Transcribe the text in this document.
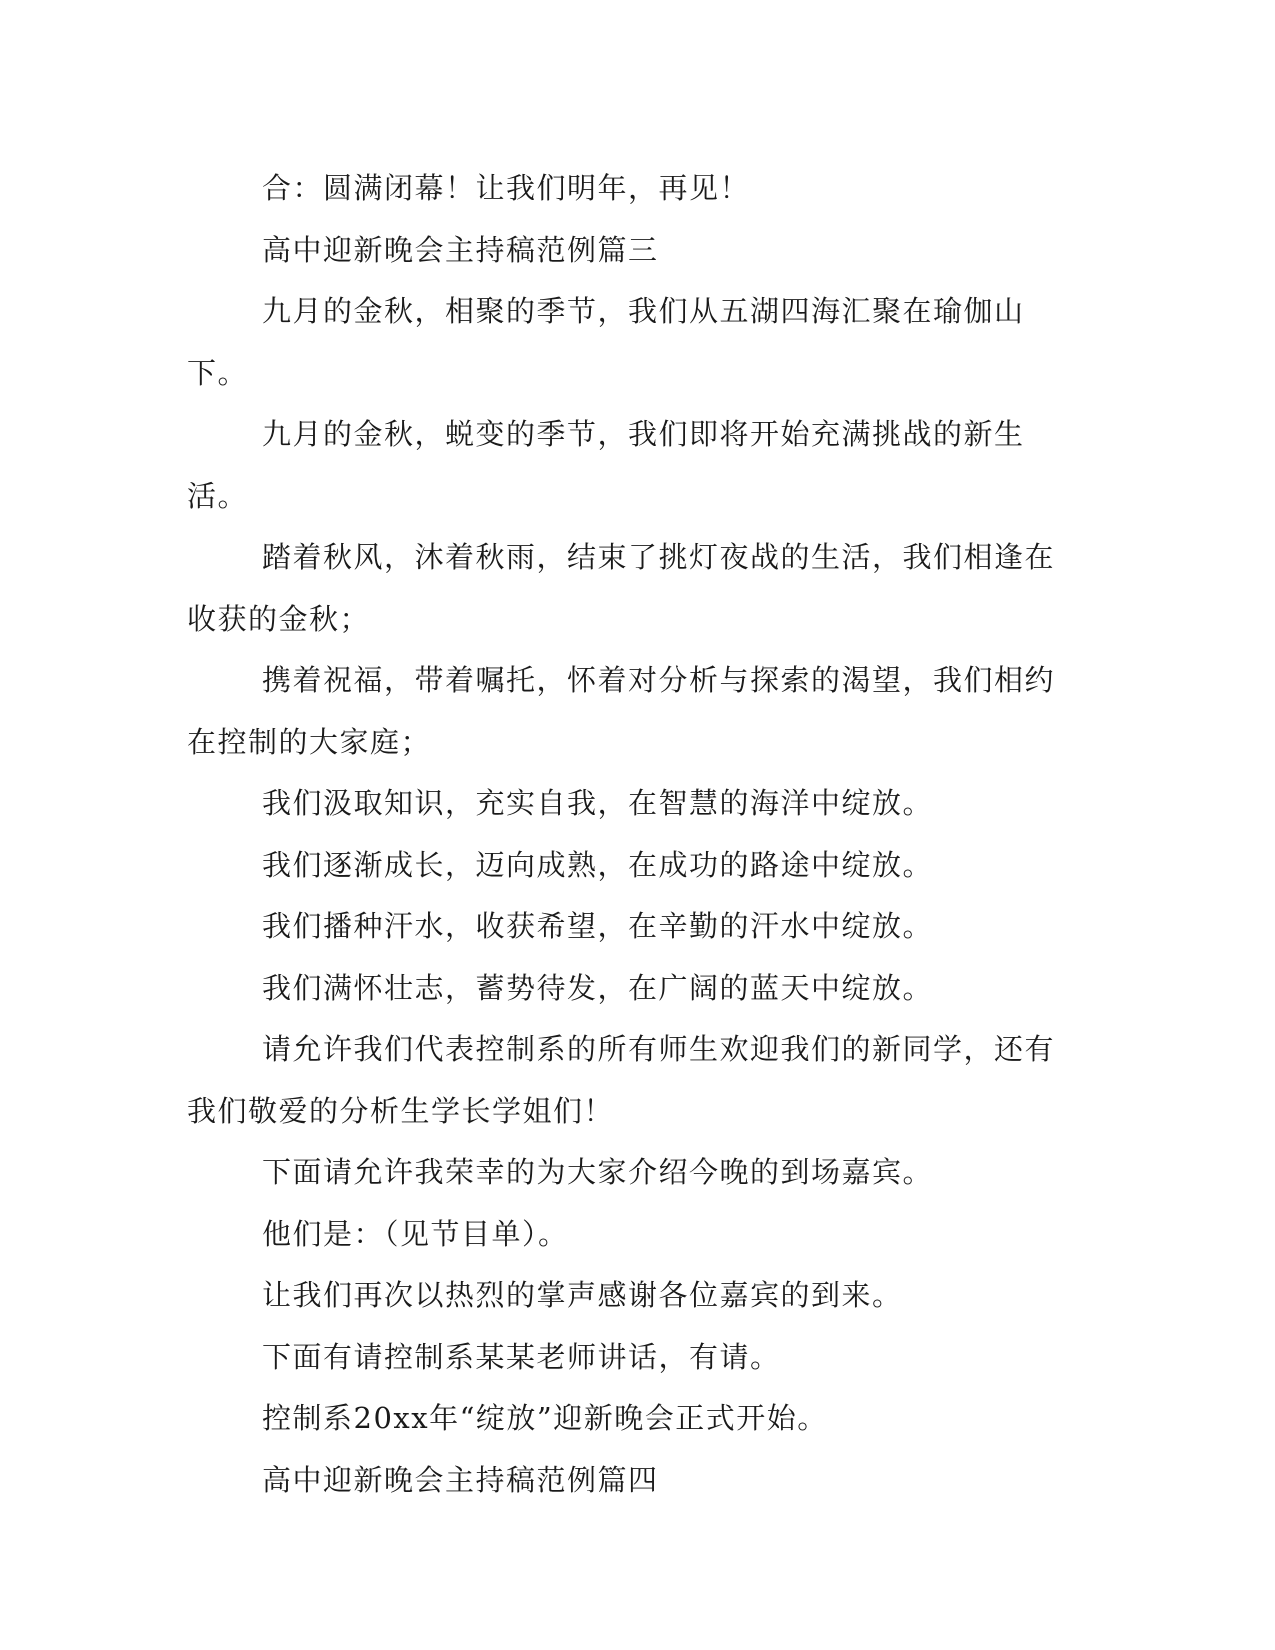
合：圆满闭幕！让我们明年，再见！

高中迎新晚会主持稿范例篇三

九月的金秋，相聚的季节，我们从五湖四海汇聚在瑜伽山下。

九月的金秋，蜕变的季节，我们即将开始充满挑战的新生活。

踏着秋风，沐着秋雨，结束了挑灯夜战的生活，我们相逢在收获的金秋；

携着祝福，带着嘱托，怀着对分析与探索的渴望，我们相约在控制的大家庭；

我们汲取知识，充实自我，在智慧的海洋中绽放。

我们逐渐成长，迈向成熟，在成功的路途中绽放。

我们播种汗水，收获希望，在辛勤的汗水中绽放。

我们满怀壮志，蓄势待发，在广阔的蓝天中绽放。

请允许我们代表控制系的所有师生欢迎我们的新同学，还有我们敬爱的分析生学长学姐们！

下面请允许我荣幸的为大家介绍今晚的到场嘉宾。

他们是：（见节目单）。

让我们再次以热烈的掌声感谢各位嘉宾的到来。

下面有请控制系某某老师讲话，有请。

控制系20xx年“绽放”迎新晚会正式开始。

高中迎新晚会主持稿范例篇四
